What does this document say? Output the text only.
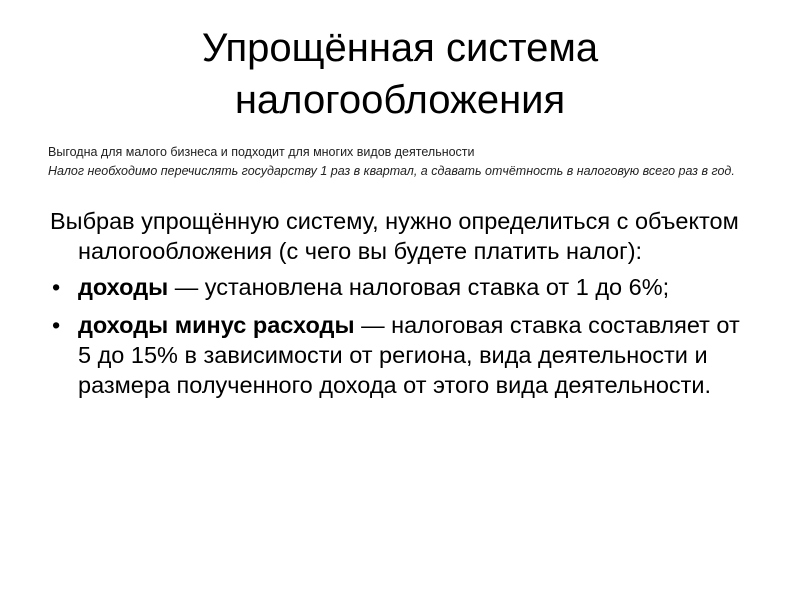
Упрощённая система
налогообложения
Выгодна для малого бизнеса и подходит для многих видов деятельности
Налог необходимо перечислять государству 1 раз в квартал, а сдавать отчётность в налоговую всего раз в год.

Выбрав упрощённую систему, нужно определиться с объектом налогообложения (с чего вы будете платить налог):

• доходы — установлена налоговая ставка от 1 до 6%;
• доходы минус расходы — налоговая ставка составляет от 5 до 15% в зависимости от региона, вида деятельности и размера полученного дохода от этого вида деятельности.
